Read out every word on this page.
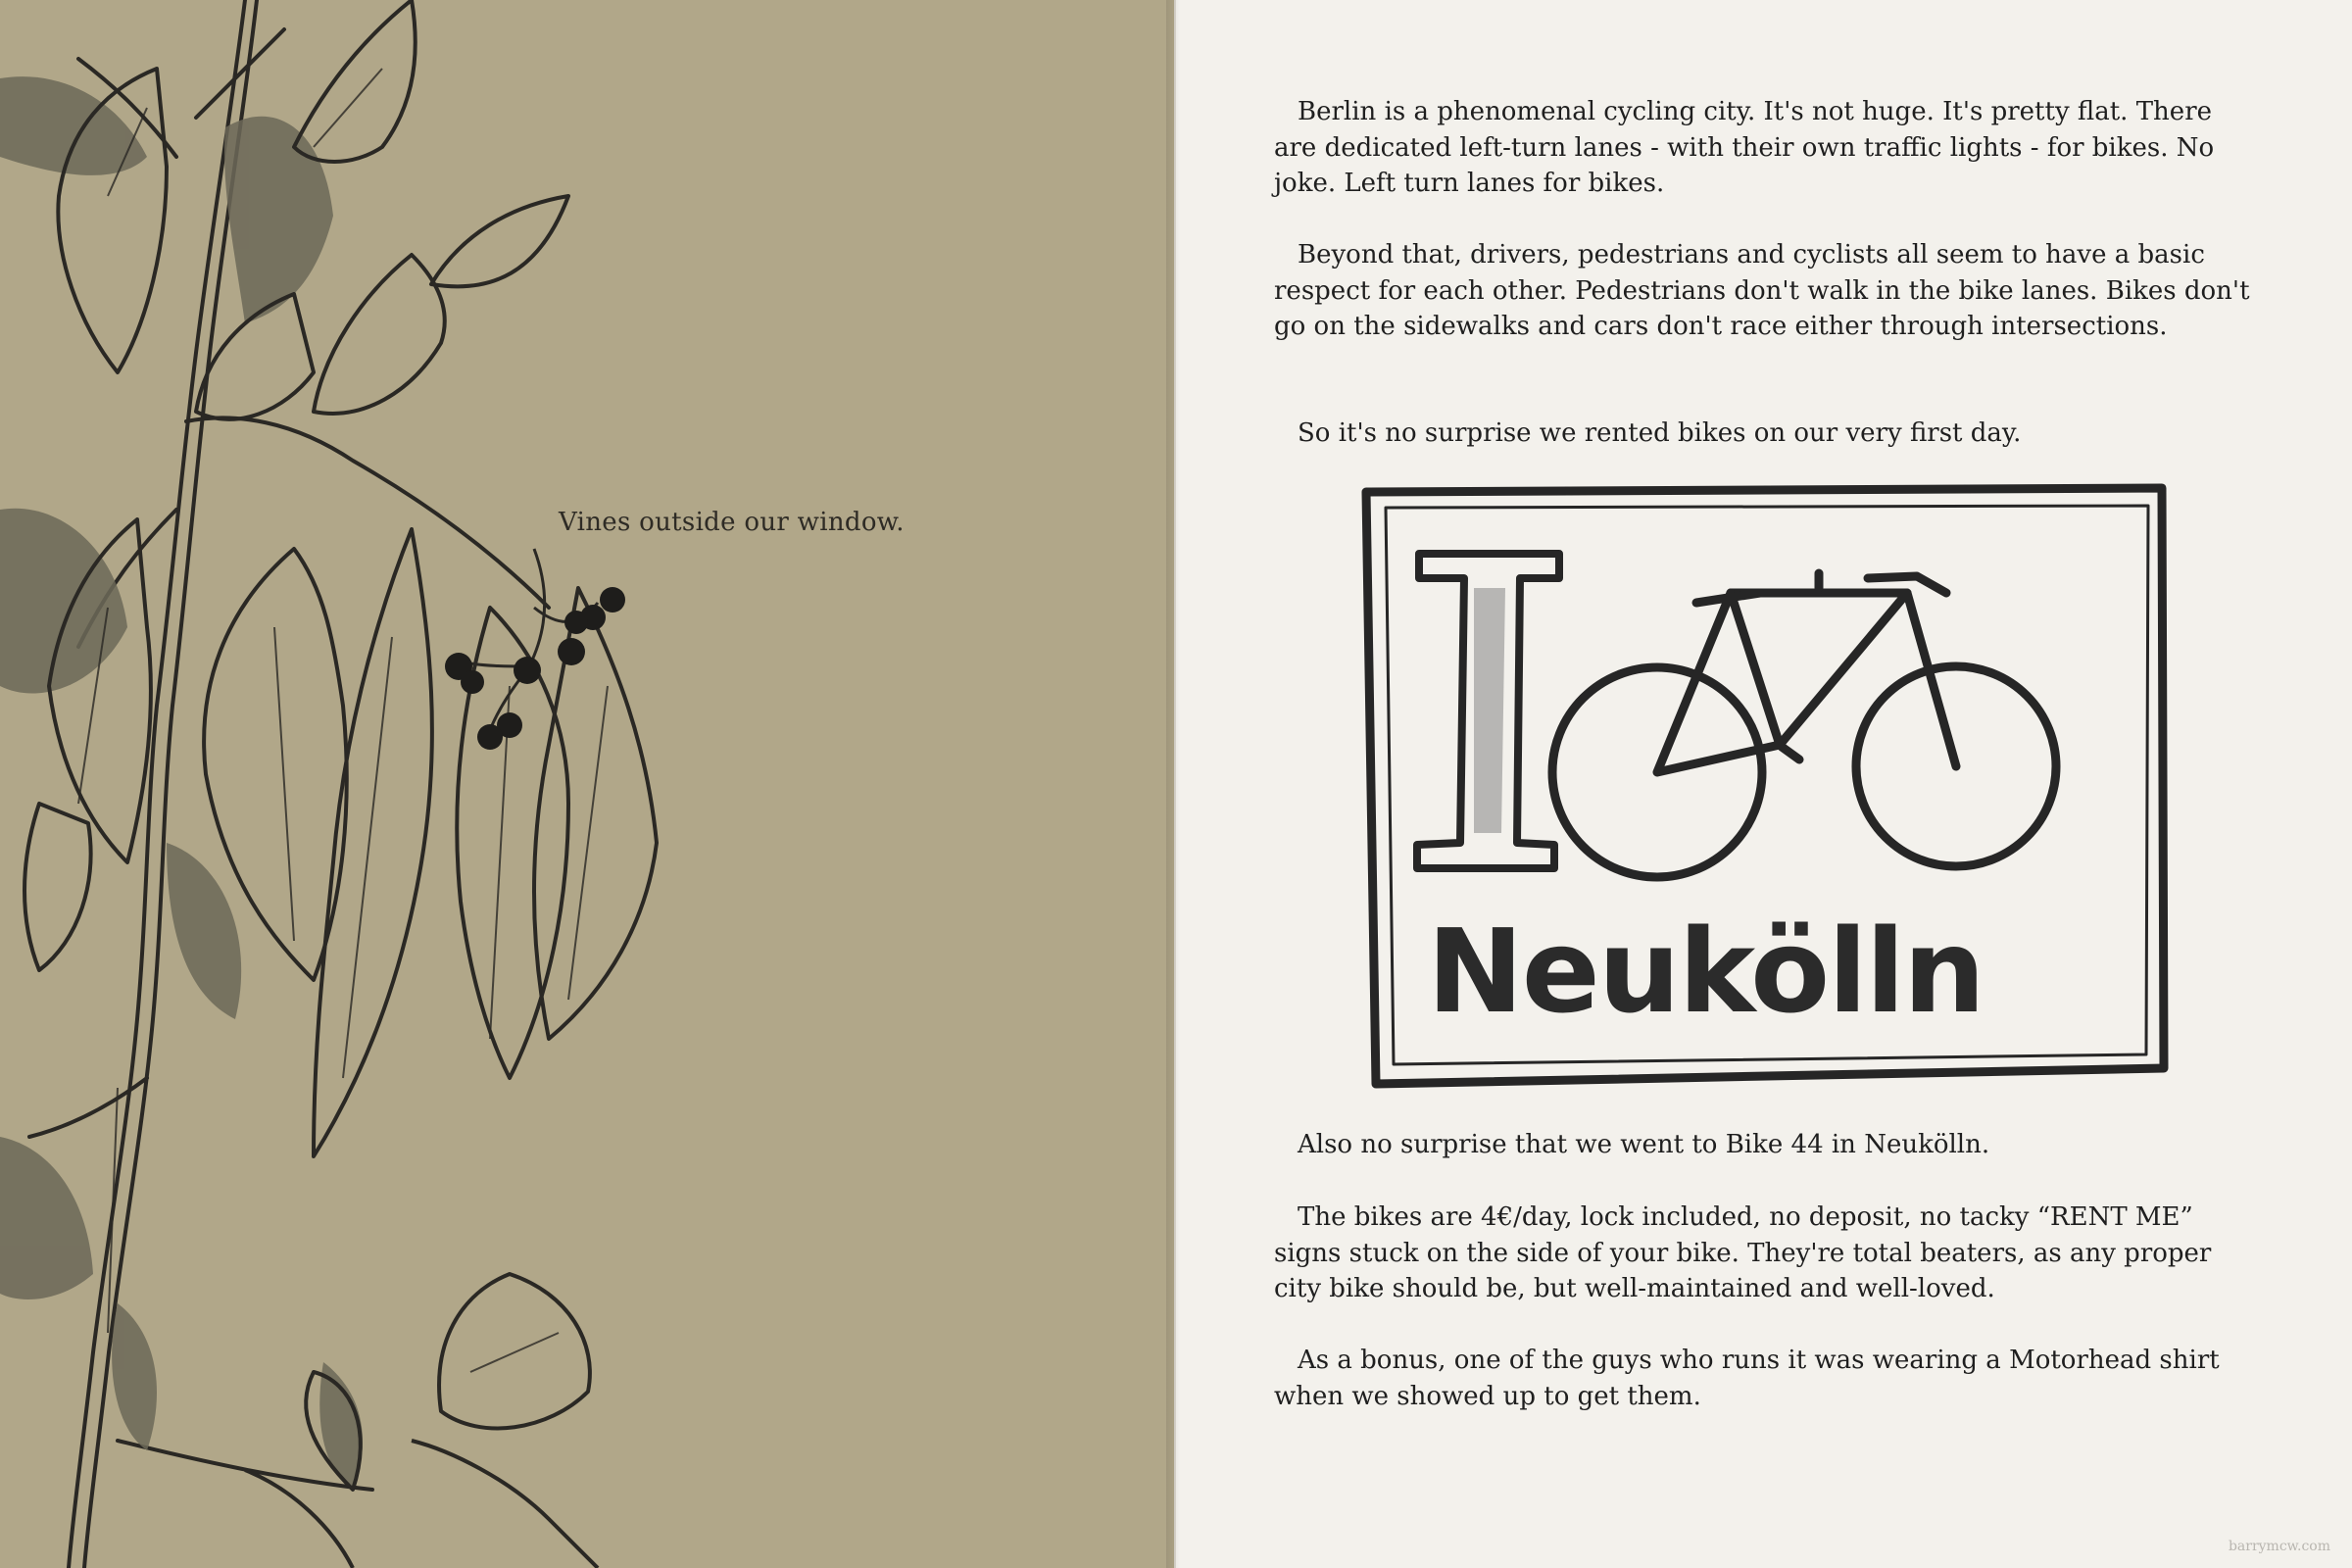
Vines outside our window.

Berlin is a phenomenal cycling city. It's not huge. It's pretty flat. There are dedicated left-turn lanes - with their own traffic lights - for bikes. No joke. Left turn lanes for bikes.

Beyond that, drivers, pedestrians and cyclists all seem to have a basic respect for each other. Pedestrians don't walk in the bike lanes. Bikes don't go on the sidewalks and cars don't race either through intersections.

So it's no surprise we rented bikes on our very first day.

Neukölln

Also no surprise that we went to Bike 44 in Neukölln.

The bikes are 4€/day, lock included, no deposit, no tacky “RENT ME” signs stuck on the side of your bike. They're total beaters, as any proper city bike should be, but well-maintained and well-loved.

As a bonus, one of the guys who runs it was wearing a Motorhead shirt when we showed up to get them.

barrymcw.com
